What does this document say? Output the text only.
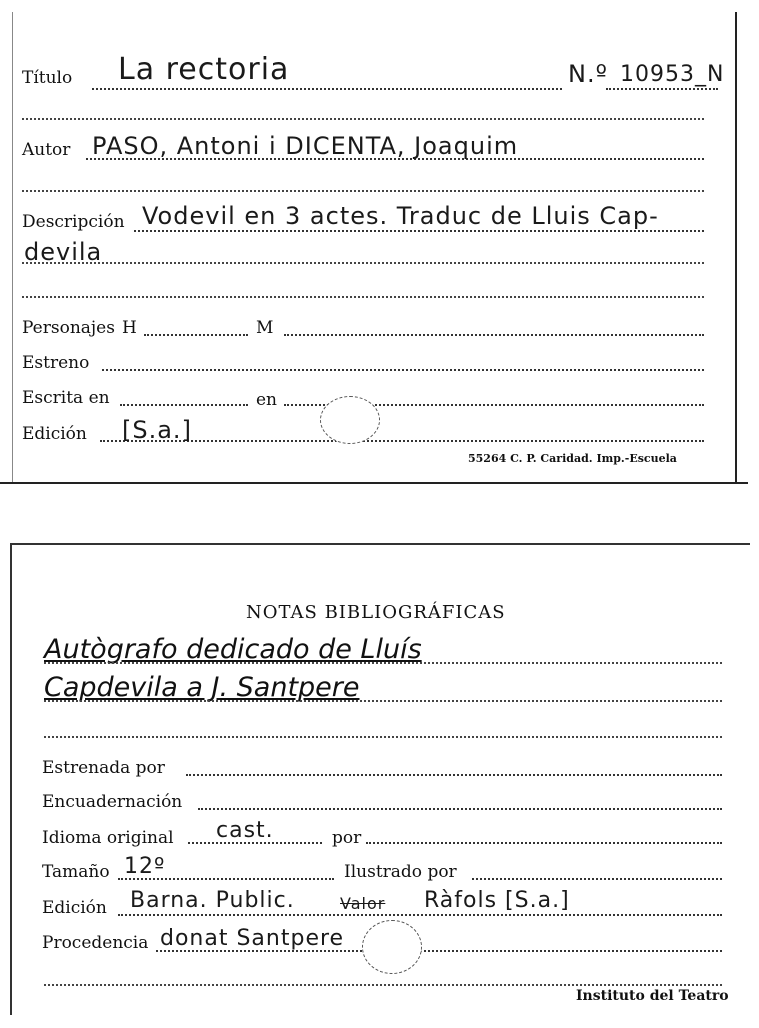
Título La rectoria	N.º 10953_N
Autor PASO, Antoni i DICENTA, Joaquim
Descripción Vodevil en 3 actes. Traduc de Lluis Cap-
devila
Personajes H	M
Estreno
Escrita en	en
Edición [S.a.]
55264 C. P. Caridad. Imp.-Escuela
NOTAS BIBLIOGRÁFICAS
Autògrafo dedicado de Lluís
Capdevila a J. Santpere
Estrenada por
Encuadernación
Idioma original cast.	por
Tamaño 12º	Ilustrado por
Edición Barna. Public.	Valor Ràfols [S.a.]
Procedencia donat Santpere
Instituto del Teatro
